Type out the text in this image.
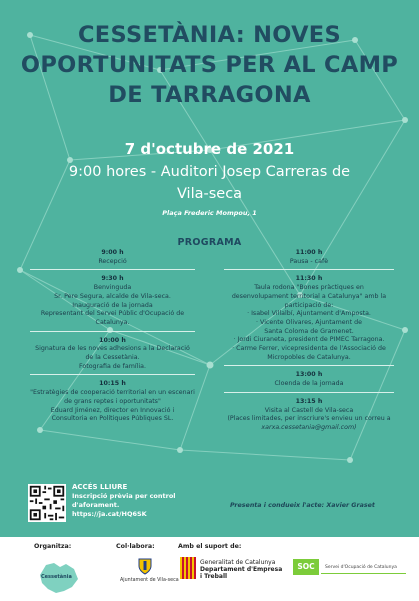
CESSETÀNIA: NOVES
OPORTUNITATS PER AL CAMP
DE TARRAGONA
7 d'octubre de 2021
9:00 hores - Auditori Josep Carreras de
Vila-seca
Plaça Frederic Mompou, 1
PROGRAMA
9:00 h
Recepció
9:30 h
Benvinguda
Sr. Pere Segura, alcalde de Vila-seca.
Inauguració de la jornada
Representant del Servei Públic d'Ocupació de
Catalunya.
10:00 h
Signatura de les noves adhesions a la Declaració
de la Cessetània.
Fotografia de família.
10:15 h
"Estratègies de cooperació territorial en un escenari
de grans reptes i oportunitats"
Eduard Jiménez, director en Innovació i
Consultoria en Polítiques Públiques SL.
11:00 h
Pausa - cafè
11:30 h
Taula rodona "Bones pràctiques en
desenvolupament territorial a Catalunya" amb la
participació de:
· Isabel Villalbí, Ajuntament d'Amposta.
· Vicente Olivares, Ajuntament de
Santa Coloma de Gramenet.
· Jordi Ciuraneta, president de PIMEC Tarragona.
· Carme Ferrer, vicepresidenta de l'Associació de
Micropobles de Catalunya.
13:00 h
Cloenda de la jornada
13:15 h
Visita al Castell de Vila-seca
(Places limitades, per inscriure's envieu un correu a
xarxa.cessetania@gmail.com)
ACCÉS LLIURE
Inscripció prèvia per control
d'aforament.
https://ja.cat/HQ6SK
Presenta i condueix l'acte: Xavier Graset
Organitza:	Col·labora:	Amb el suport de:
Cessetània
Ajuntament de Vila-seca
Generalitat de Catalunya
Departament d'Empresa
i Treball
SOC	Servei d'Ocupació de Catalunya
